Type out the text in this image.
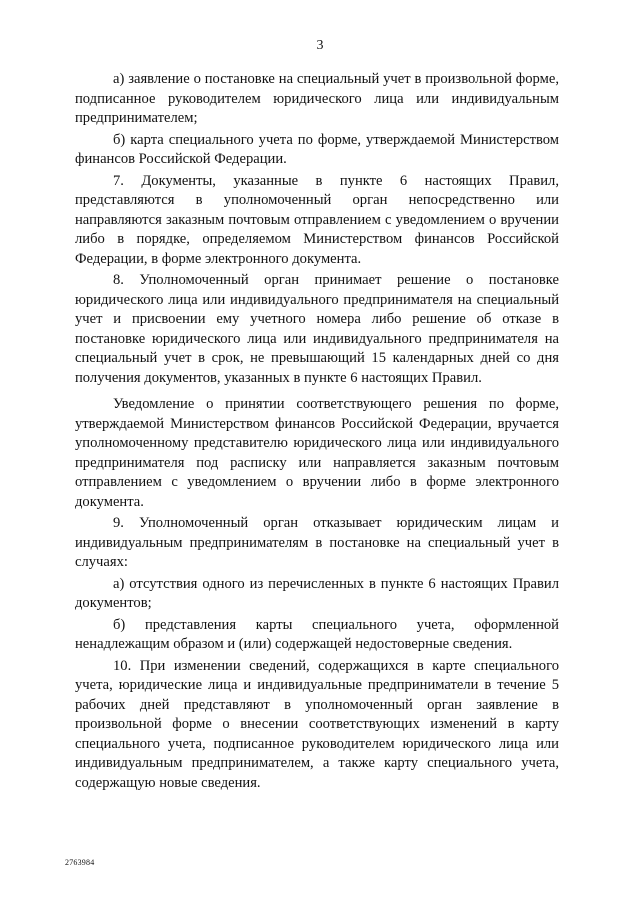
3

а) заявление о постановке на специальный учет в произвольной форме, подписанное руководителем юридического лица или индивидуальным предпринимателем;

б) карта специального учета по форме, утверждаемой Министерством финансов Российской Федерации.

7. Документы, указанные в пункте 6 настоящих Правил, представляются в уполномоченный орган непосредственно или направляются заказным почтовым отправлением с уведомлением о вручении либо в порядке, определяемом Министерством финансов Российской Федерации, в форме электронного документа.

8. Уполномоченный орган принимает решение о постановке юридического лица или индивидуального предпринимателя на специальный учет и присвоении ему учетного номера либо решение об отказе в постановке юридического лица или индивидуального предпринимателя на специальный учет в срок, не превышающий 15 календарных дней со дня получения документов, указанных в пункте 6 настоящих Правил.

Уведомление о принятии соответствующего решения по форме, утверждаемой Министерством финансов Российской Федерации, вручается уполномоченному представителю юридического лица или индивидуального предпринимателя под расписку или направляется заказным почтовым отправлением с уведомлением о вручении либо в форме электронного документа.

9. Уполномоченный орган отказывает юридическим лицам и индивидуальным предпринимателям в постановке на специальный учет в случаях:

а) отсутствия одного из перечисленных в пункте 6 настоящих Правил документов;

б) представления карты специального учета, оформленной ненадлежащим образом и (или) содержащей недостоверные сведения.

10. При изменении сведений, содержащихся в карте специального учета, юридические лица и индивидуальные предприниматели в течение 5 рабочих дней представляют в уполномоченный орган заявление в произвольной форме о внесении соответствующих изменений в карту специального учета, подписанное руководителем юридического лица или индивидуальным предпринимателем, а также карту специального учета, содержащую новые сведения.

2763984
